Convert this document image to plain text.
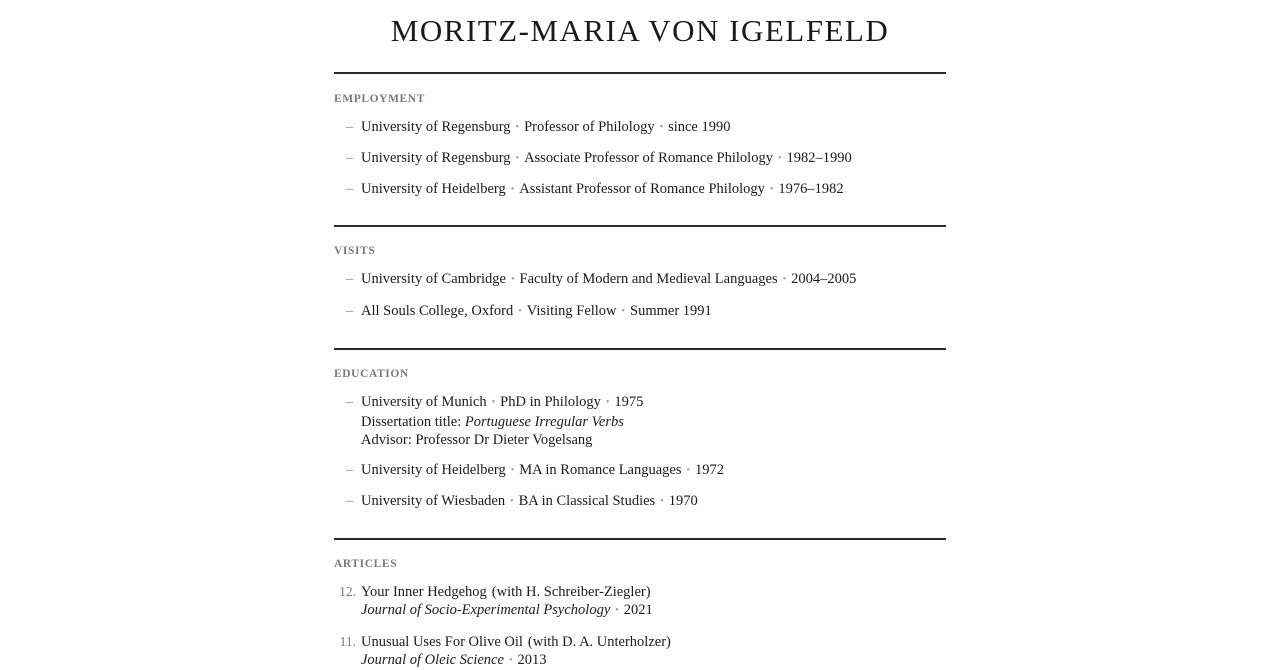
MORITZ-MARIA VON IGELFELD
EMPLOYMENT
– University of Regensburg • Professor of Philology • since 1990
– University of Regensburg • Associate Professor of Romance Philology • 1982–1990
– University of Heidelberg • Assistant Professor of Romance Philology • 1976–1982
VISITS
– University of Cambridge • Faculty of Modern and Medieval Languages • 2004–2005
– All Souls College, Oxford • Visiting Fellow • Summer 1991
EDUCATION
– University of Munich • PhD in Philology • 1975
Dissertation title: Portuguese Irregular Verbs
Advisor: Professor Dr Dieter Vogelsang
– University of Heidelberg • MA in Romance Languages • 1972
– University of Wiesbaden • BA in Classical Studies • 1970
ARTICLES
12. Your Inner Hedgehog (with H. Schreiber-Ziegler)
Journal of Socio-Experimental Psychology • 2021
11. Unusual Uses For Olive Oil (with D. A. Unterholzer)
Journal of Oleic Science • 2013
